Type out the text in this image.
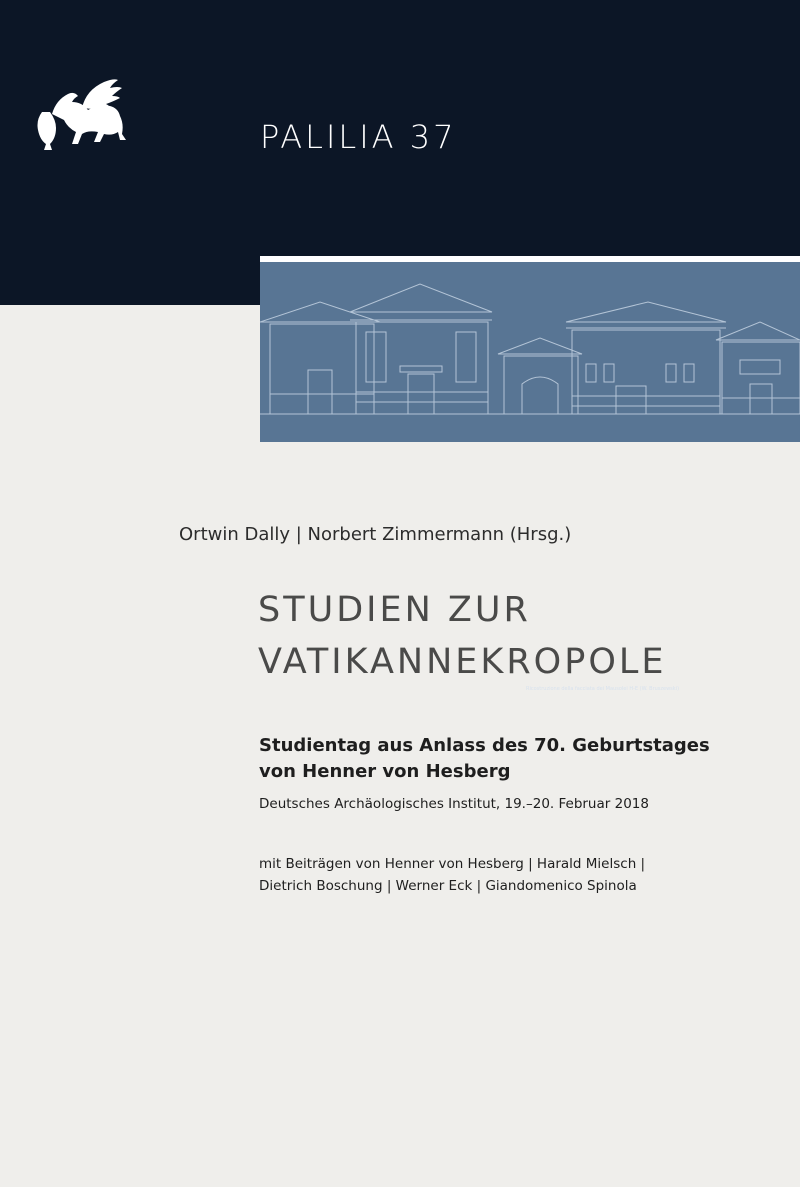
PALILIA 37
Ricostruzione della facciata dei Mausolei H-E (W. Bruszewski)
Ortwin Dally | Norbert Zimmermann (Hrsg.)
STUDIEN ZUR
VATIKANNEKROPOLE
Studientag aus Anlass des 70. Geburtstages
von Henner von Hesberg
Deutsches Archäologisches Institut, 19.–20. Februar 2018
mit Beiträgen von Henner von Hesberg | Harald Mielsch |
Dietrich Boschung | Werner Eck | Giandomenico Spinola
